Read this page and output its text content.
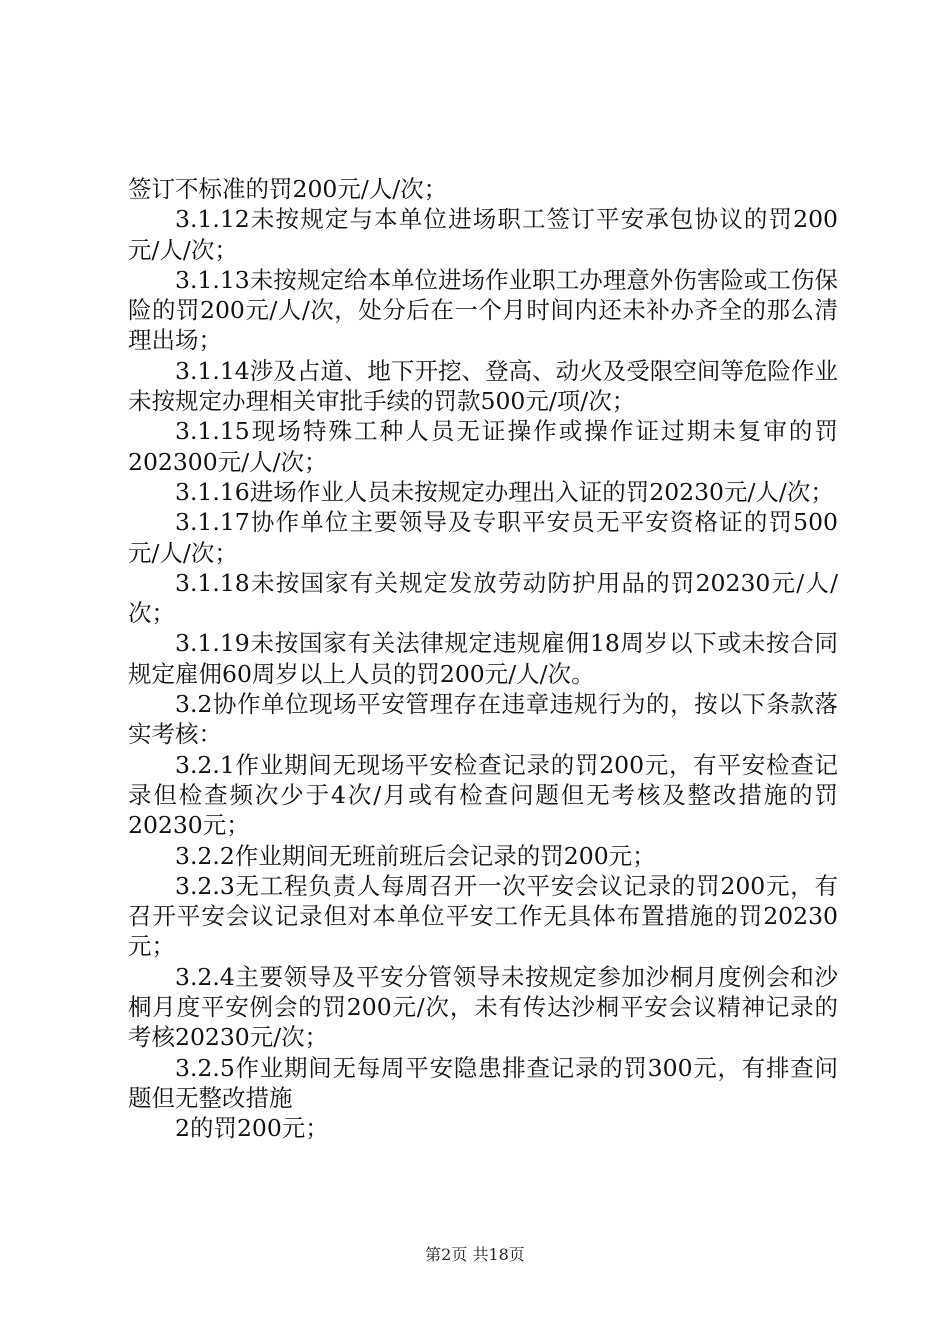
签订不标准的罚200元/人/次；

3.1.12未按规定与本单位进场职工签订平安承包协议的罚200元/人/次；

3.1.13未按规定给本单位进场作业职工办理意外伤害险或工伤保险的罚200元/人/次，处分后在一个月时间内还未补办齐全的那么清理出场；

3.1.14涉及占道、地下开挖、登高、动火及受限空间等危险作业未按规定办理相关审批手续的罚款500元/项/次；

3.1.15现场特殊工种人员无证操作或操作证过期未复审的罚202300元/人/次；

3.1.16进场作业人员未按规定办理出入证的罚20230元/人/次；

3.1.17协作单位主要领导及专职平安员无平安资格证的罚500元/人/次；

3.1.18未按国家有关规定发放劳动防护用品的罚20230元/人/次；

3.1.19未按国家有关法律规定违规雇佣18周岁以下或未按合同规定雇佣60周岁以上人员的罚200元/人/次。

3.2协作单位现场平安管理存在违章违规行为的，按以下条款落实考核：

3.2.1作业期间无现场平安检查记录的罚200元，有平安检查记录但检查频次少于4次/月或有检查问题但无考核及整改措施的罚20230元；

3.2.2作业期间无班前班后会记录的罚200元；

3.2.3无工程负责人每周召开一次平安会议记录的罚200元，有召开平安会议记录但对本单位平安工作无具体布置措施的罚20230元；

3.2.4主要领导及平安分管领导未按规定参加沙桐月度例会和沙桐月度平安例会的罚200元/次，未有传达沙桐平安会议精神记录的考核20230元/次；

3.2.5作业期间无每周平安隐患排查记录的罚300元，有排查问题但无整改措施

2的罚200元；

第2页 共18页
